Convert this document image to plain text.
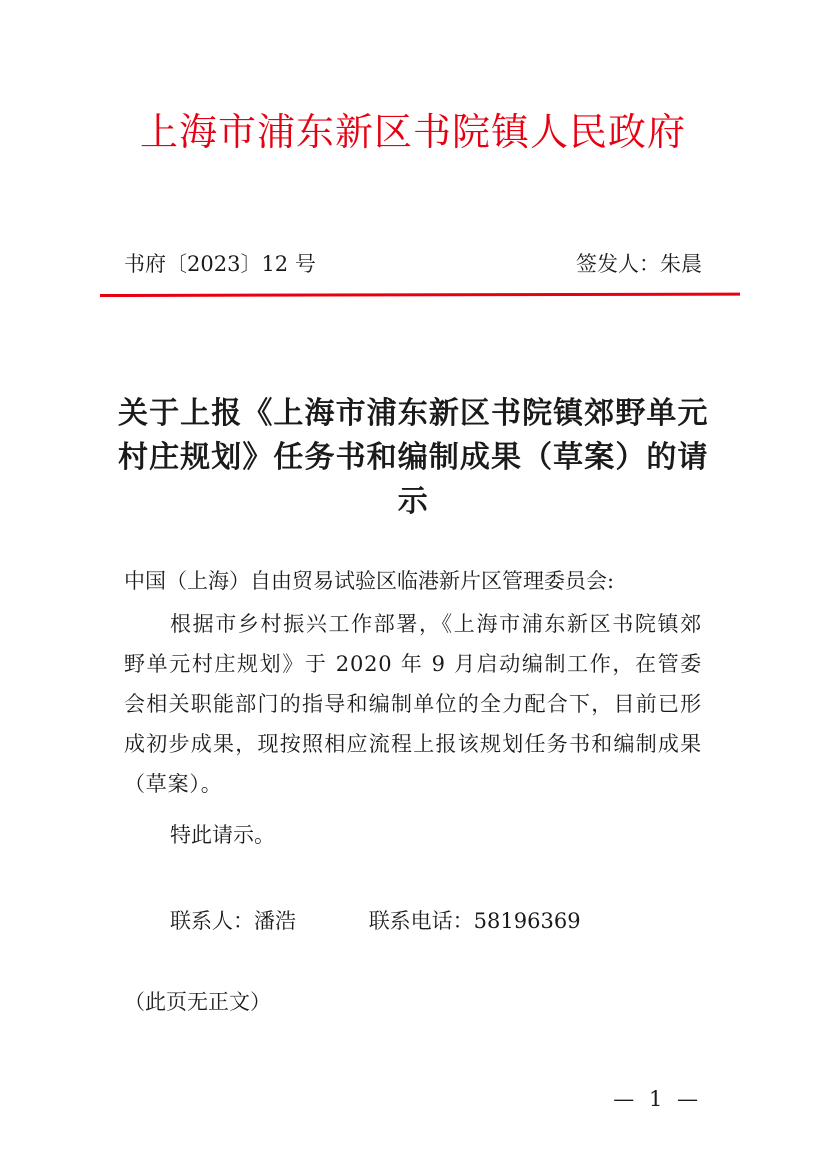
上海市浦东新区书院镇人民政府
书府〔2023〕12 号	签发人：朱晨
关于上报《上海市浦东新区书院镇郊野单元村庄规划》任务书和编制成果（草案）的请示
中国（上海）自由贸易试验区临港新片区管理委员会:
根据市乡村振兴工作部署，《上海市浦东新区书院镇郊野单元村庄规划》于 2020 年 9 月启动编制工作，在管委会相关职能部门的指导和编制单位的全力配合下，目前已形成初步成果，现按照相应流程上报该规划任务书和编制成果（草案）。
特此请示。
联系人：潘浩	联系电话：58196369
（此页无正文）
— 1 —
